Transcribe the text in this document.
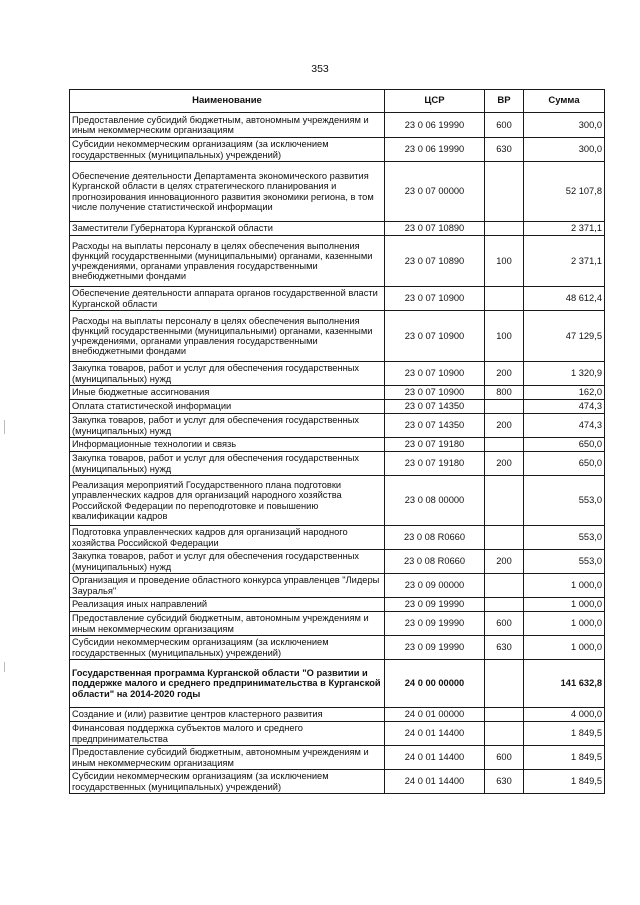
353
Наименование	ЦСР	ВР	Сумма
Предоставление субсидий бюджетным, автономным учреждениям и иным некоммерческим организациям	23 0 06 19990	600	300,0
Субсидии некоммерческим организациям (за исключением государственных (муниципальных) учреждений)	23 0 06 19990	630	300,0
Обеспечение деятельности Департамента экономического развития Курганской области в целях стратегического планирования и прогнозирования инновационного развития экономики региона, в том числе получение статистической информации	23 0 07 00000		52 107,8
Заместители Губернатора Курганской области	23 0 07 10890		2 371,1
Расходы на выплаты персоналу в целях обеспечения выполнения функций государственными (муниципальными) органами, казенными учреждениями, органами управления государственными внебюджетными фондами	23 0 07 10890	100	2 371,1
Обеспечение деятельности аппарата органов государственной власти Курганской области	23 0 07 10900		48 612,4
Расходы на выплаты персоналу в целях обеспечения выполнения функций государственными (муниципальными) органами, казенными учреждениями, органами управления государственными внебюджетными фондами	23 0 07 10900	100	47 129,5
Закупка товаров, работ и услуг для обеспечения государственных (муниципальных) нужд	23 0 07 10900	200	1 320,9
Иные бюджетные ассигнования	23 0 07 10900	800	162,0
Оплата статистической информации	23 0 07 14350		474,3
Закупка товаров, работ и услуг для обеспечения государственных (муниципальных) нужд	23 0 07 14350	200	474,3
Информационные технологии и связь	23 0 07 19180		650,0
Закупка товаров, работ и услуг для обеспечения государственных (муниципальных) нужд	23 0 07 19180	200	650,0
Реализация мероприятий Государственного плана подготовки управленческих кадров для организаций народного хозяйства Российской Федерации по переподготовке и повышению квалификации кадров	23 0 08 00000		553,0
Подготовка управленческих кадров для организаций народного хозяйства Российской Федерации	23 0 08 R0660		553,0
Закупка товаров, работ и услуг для обеспечения государственных (муниципальных) нужд	23 0 08 R0660	200	553,0
Организация и проведение областного конкурса управленцев "Лидеры Зауралья"	23 0 09 00000		1 000,0
Реализация иных направлений	23 0 09 19990		1 000,0
Предоставление субсидий бюджетным, автономным учреждениям и иным некоммерческим организациям	23 0 09 19990	600	1 000,0
Субсидии некоммерческим организациям (за исключением государственных (муниципальных) учреждений)	23 0 09 19990	630	1 000,0
Государственная программа Курганской области "О развитии и поддержке малого и среднего предпринимательства в Курганской области" на 2014-2020 годы	24 0 00 00000		141 632,8
Создание и (или) развитие центров кластерного развития	24 0 01 00000		4 000,0
Финансовая поддержка субъектов малого и среднего предпринимательства	24 0 01 14400		1 849,5
Предоставление субсидий бюджетным, автономным учреждениям и иным некоммерческим организациям	24 0 01 14400	600	1 849,5
Субсидии некоммерческим организациям (за исключением государственных (муниципальных) учреждений)	24 0 01 14400	630	1 849,5
